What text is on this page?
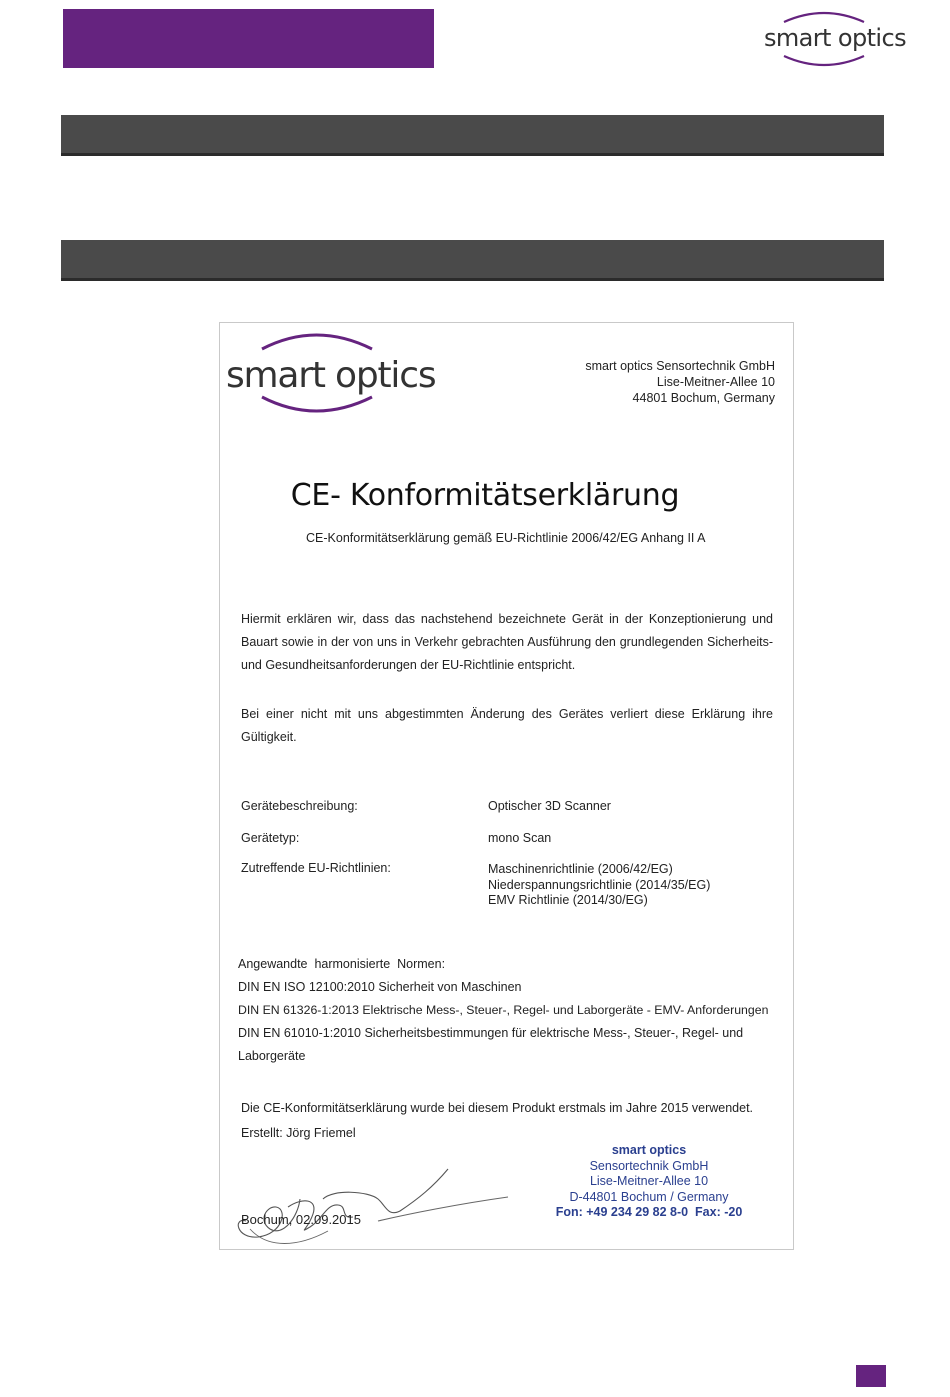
smart optics
smart optics	smart optics Sensortechnik GmbH
Lise-Meitner-Allee 10
44801 Bochum, Germany
CE- Konformitätserklärung
CE-Konformitätserklärung gemäß EU-Richtlinie 2006/42/EG Anhang II A
Hiermit erklären wir, dass das nachstehend bezeichnete Gerät in der Konzeptionierung und Bauart sowie in der von uns in Verkehr gebrachten Ausführung den grundlegenden Sicherheits- und Gesundheitsanforderungen der EU-Richtlinie entspricht.
Bei einer nicht mit uns abgestimmten Änderung des Gerätes verliert diese Erklärung ihre Gültigkeit.
Gerätebeschreibung:	Optischer 3D Scanner
Gerätetyp:	mono Scan
Zutreffende EU-Richtlinien:	Maschinenrichtlinie (2006/42/EG)
Niederspannungsrichtlinie (2014/35/EG)
EMV Richtlinie (2014/30/EG)
Angewandte  harmonisierte  Normen:
DIN EN ISO 12100:2010 Sicherheit von Maschinen
DIN EN 61326-1:2013 Elektrische Mess-, Steuer-, Regel- und Laborgeräte - EMV- Anforderungen
DIN EN 61010-1:2010 Sicherheitsbestimmungen für elektrische Mess-, Steuer-, Regel- und
Laborgeräte
Die CE-Konformitätserklärung wurde bei diesem Produkt erstmals im Jahre 2015 verwendet.
Erstellt: Jörg Friemel
Bochum, 02.09.2015
smart optics
Sensortechnik GmbH
Lise-Meitner-Allee 10
D-44801 Bochum / Germany
Fon: +49 234 29 82 8-0  Fax: -20
